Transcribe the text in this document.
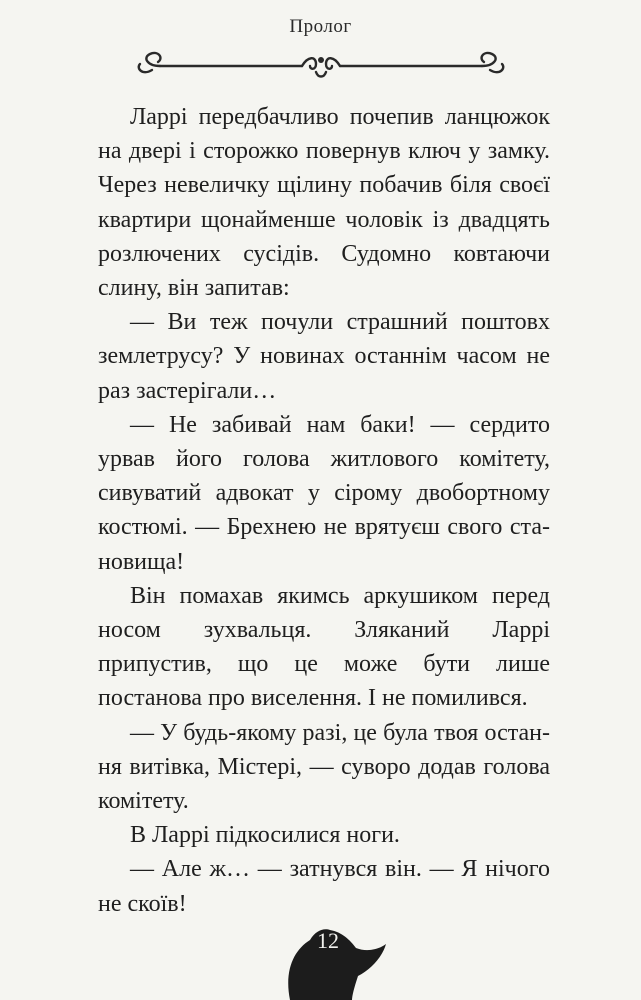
Пролог

Ларрі передбачливо почепив ланцюжок на двері і сторожко повернув ключ у замку. Через невеличку щілину побачив біля своєї квартири щонайменше чоловік із двадцять розлючених сусідів. Судомно ковтаючи слину, він запитав:

— Ви теж почули страшний поштовх землетрусу? У новинах останнім часом не раз застерігали…

— Не забивай нам баки! — сердито урвав його голова житлового комітету, сивуватий адвокат у сірому двобортному костюмі. — Брехнею не врятуєш свого становища!

Він помахав якимсь аркушиком перед носом зухвальця. Зляканий Ларрі припустив, що це може бути лише постанова про виселення. І не помилився.

— У будь-якому разі, це була твоя остання витівка, Містері, — суворо додав голова комітету.

В Ларрі підкосилися ноги.

— Але ж… — затнувся він. — Я нічого не скоїв!

12
